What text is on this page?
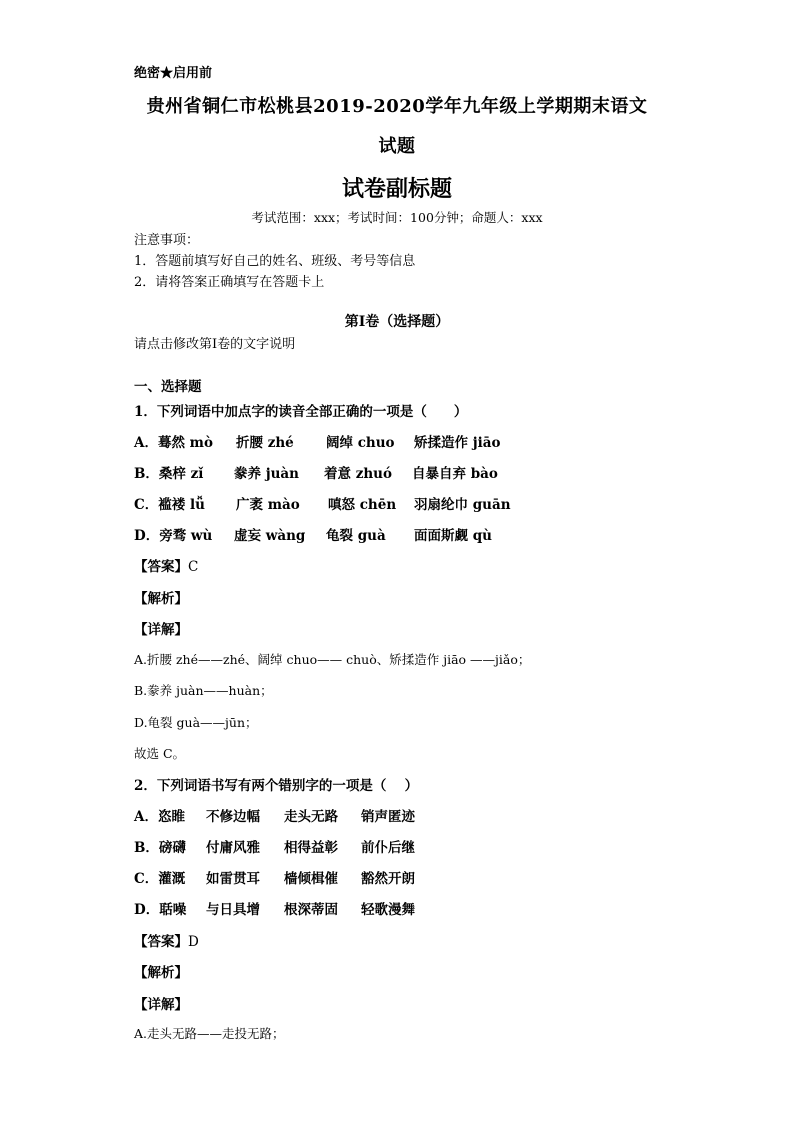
绝密★启用前
贵州省铜仁市松桃县2019-2020学年九年级上学期期末语文
试题
试卷副标题
考试范围：xxx；考试时间：100分钟；命题人：xxx
注意事项：
1．答题前填写好自己的姓名、班级、考号等信息
2．请将答案正确填写在答题卡上
第I卷（选择题）
请点击修改第I卷的文字说明
一、选择题
1．下列词语中加点字的读音全部正确的一项是（　　）
A．蓦然 mò 折腰 zhé 阔绰 chuo 矫揉造作 jiāo
B．桑梓 zǐ 豢养 juàn 着意 zhuó 自暴自弃 bào
C．褴褛 lǚ 广袤 mào 嗔怒 chēn 羽扇纶巾 guān
D．旁骛 wù 虚妄 wàng 龟裂 guà 面面斯觑 qù
【答案】C
【解析】
【详解】
A.折腰 zhé——zhé、阔绰 chuo—— chuò、矫揉造作 jiāo ——jiǎo；
B.豢养 juàn——huàn；
D.龟裂 guà——jūn；
故选 C。
2．下列词语书写有两个错别字的一项是（　 ）
A．恣睢 不修边幅 走头无路 销声匿迹
B．磅礴 付庸风雅 相得益彰 前仆后继
C．灌溉 如雷贯耳 樯倾楫催 豁然开朗
D．聒噪 与日具增 根深蒂固 轻歌漫舞
【答案】D
【解析】
【详解】
A.走头无路——走投无路；
